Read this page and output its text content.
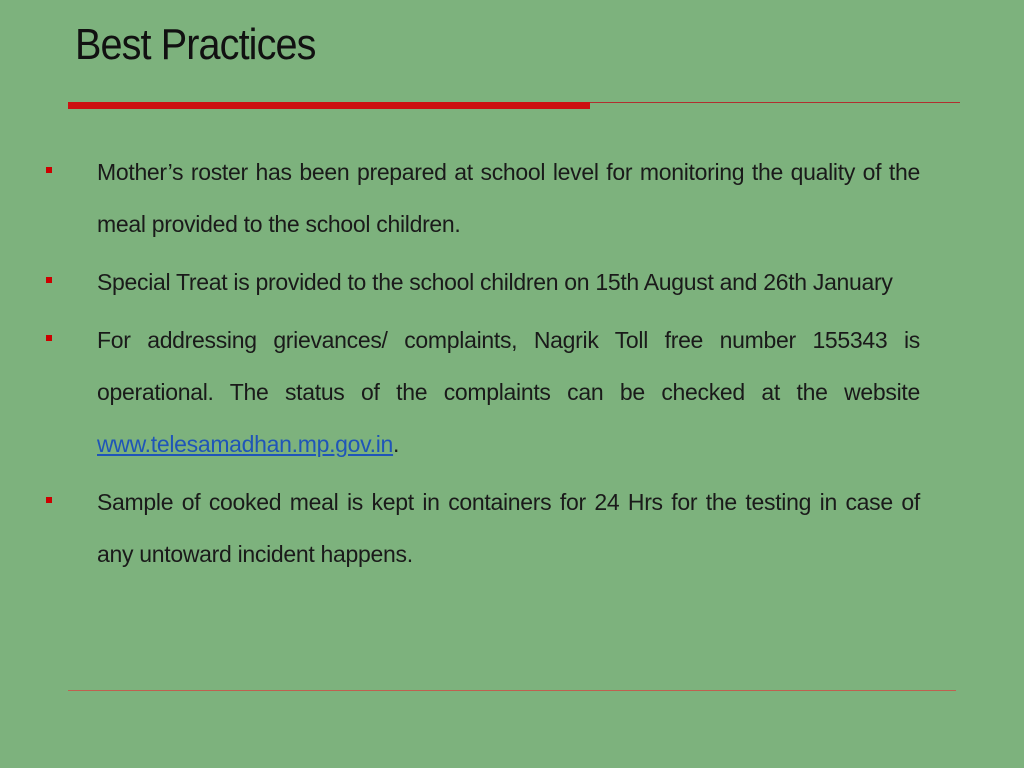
Best Practices
Mother’s roster has been prepared at school level for monitoring the quality of the meal provided to the school children.
Special Treat is provided to the school children on 15th August and 26th January
For addressing grievances/ complaints, Nagrik Toll free number 155343 is operational. The status of the complaints can be checked at the website www.telesamadhan.mp.gov.in.
Sample of cooked meal is kept in containers for 24 Hrs for the testing in case of any untoward incident happens.
